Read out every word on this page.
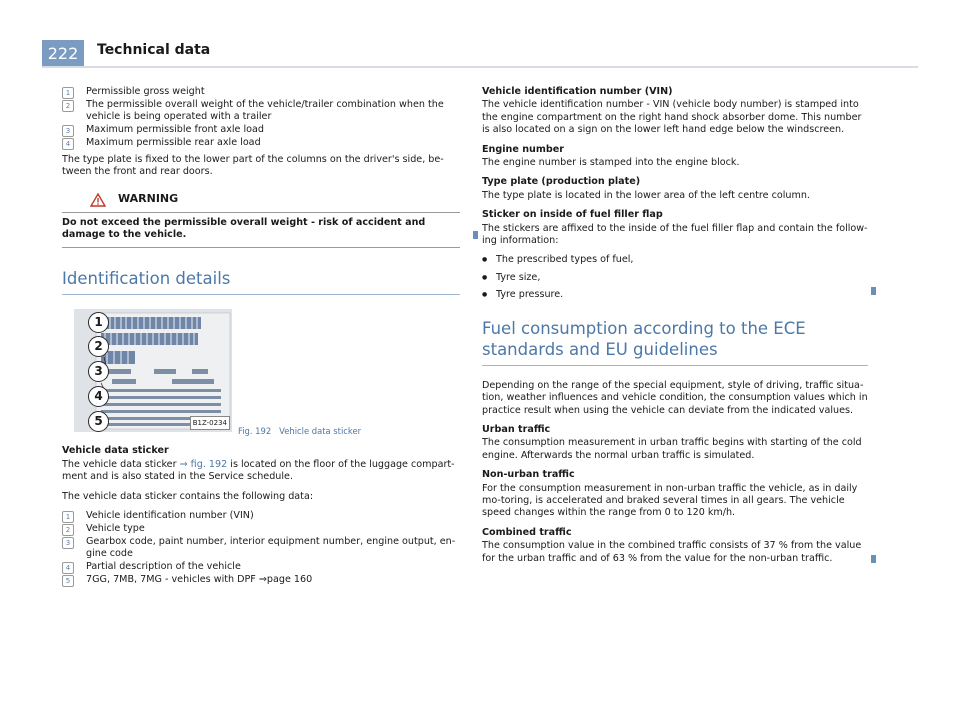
222	Technical data
1	Permissible gross weight
2	The permissible overall weight of the vehicle/trailer combination when the vehicle is being operated with a trailer
3	Maximum permissible front axle load
4	Maximum permissible rear axle load

The type plate is fixed to the lower part of the columns on the driver's side, be-tween the front and rear doors.

WARNING
Do not exceed the permissible overall weight - risk of accident and damage to the vehicle.
Identification details
1
2
3
4
5	B1Z-0234
Fig. 192 Vehicle data sticker

Vehicle data sticker

The vehicle data sticker ⇒ fig. 192 is located on the floor of the luggage compart-ment and is also stated in the Service schedule.

The vehicle data sticker contains the following data:

1	Vehicle identification number (VIN)
2	Vehicle type
3	Gearbox code, paint number, interior equipment number, engine output, en-gine code
4	Partial description of the vehicle
5	7GG, 7MB, 7MG - vehicles with DPF ⇒page 160

Vehicle identification number (VIN)

The vehicle identification number - VIN (vehicle body number) is stamped into the engine compartment on the right hand shock absorber dome. This number is also located on a sign on the lower left hand edge below the windscreen.

Engine number

The engine number is stamped into the engine block.

Type plate (production plate)

The type plate is located in the lower area of the left centre column.

Sticker on inside of fuel filler flap

The stickers are affixed to the inside of the fuel filler flap and contain the follow-ing information:

● The prescribed types of fuel,
● Tyre size,
● Tyre pressure.
Fuel consumption according to the ECE standards and EU guidelines

Depending on the range of the special equipment, style of driving, traffic situa-tion, weather influences and vehicle condition, the consumption values which in practice result when using the vehicle can deviate from the indicated values.

Urban traffic

The consumption measurement in urban traffic begins with starting of the cold engine. Afterwards the normal urban traffic is simulated.

Non-urban traffic

For the consumption measurement in non-urban traffic the vehicle, as in daily mo-toring, is accelerated and braked several times in all gears. The vehicle speed changes within the range from 0 to 120 km/h.

Combined traffic

The consumption value in the combined traffic consists of 37 % from the value for the urban traffic and of 63 % from the value for the non-urban traffic.
